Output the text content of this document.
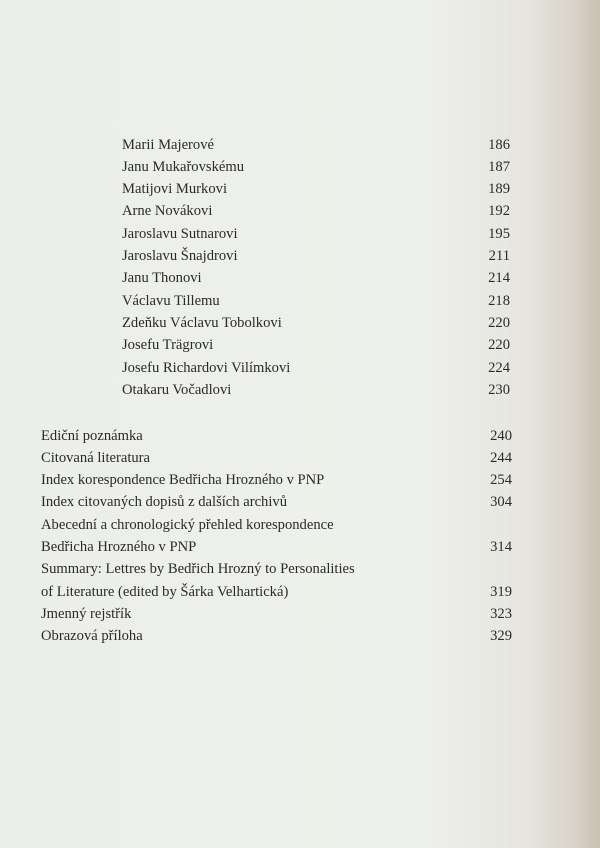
Marii Majerové	186
Janu Mukařovskému	187
Matijovi Murkovi	189
Arne Novákovi	192
Jaroslavu Sutnarovi	195
Jaroslavu Šnajdrovi	211
Janu Thonovi	214
Václavu Tillemu	218
Zdeňku Václavu Tobolkovi	220
Josefu Trägrovi	220
Josefu Richardovi Vilímkovi	224
Otakaru Vočadlovi	230
Ediční poznámka	240
Citovaná literatura	244
Index korespondence Bedřicha Hrozného v PNP	254
Index citovaných dopisů z dalších archivů	304
Abecední a chronologický přehled korespondence
Bedřicha Hrozného v PNP	314
Summary: Lettres by Bedřich Hrozný to Personalities
of Literature (edited by Šárka Velhartická)	319
Jmenný rejstřík	323
Obrazová příloha	329
